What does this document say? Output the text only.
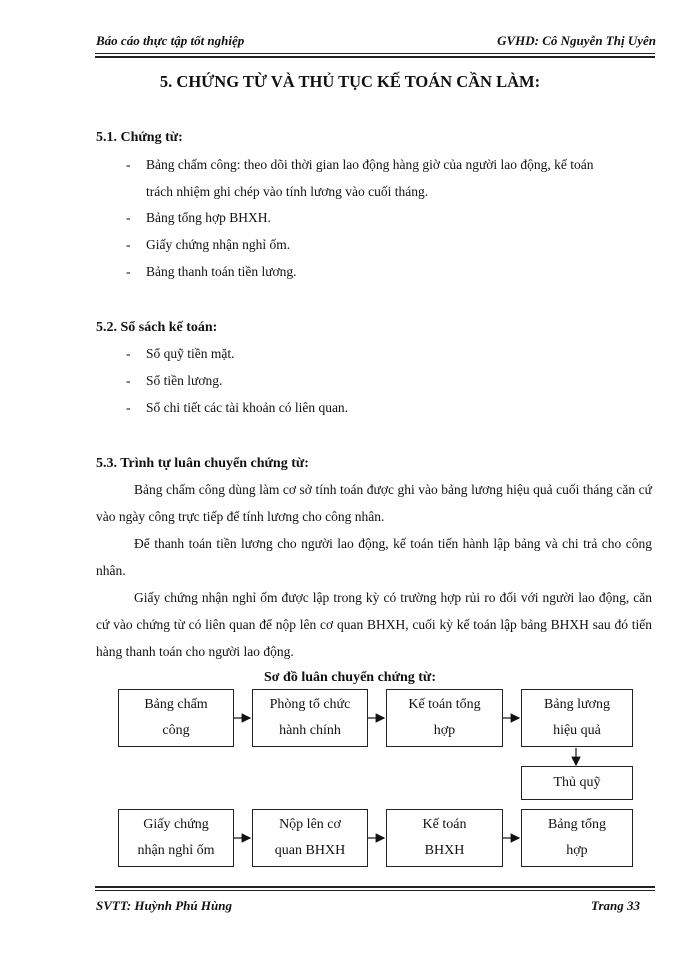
Báo cáo thực tập tốt nghiệp	GVHD: Cô Nguyễn Thị Uyên
5. CHỨNG TỪ VÀ THỦ TỤC KẾ TOÁN CẦN LÀM:
5.1. Chứng từ:
- Bảng chấm công: theo dõi thời gian lao động hàng giờ của người lao động, kế toán
trách nhiệm ghi chép vào tính lương vào cuối tháng.
- Bảng tổng hợp BHXH.
- Giấy chứng nhận nghỉ ốm.
- Bảng thanh toán tiền lương.
5.2. Sổ sách kế toán:
- Sổ quỹ tiền mặt.
- Sổ tiền lương.
- Sổ chi tiết các tài khoản có liên quan.
5.3. Trình tự luân chuyển chứng từ:
Bảng chấm công dùng làm cơ sở tính toán được ghi vào bảng lương hiệu quả cuối tháng căn cứ vào ngày công trực tiếp để tính lương cho công nhân.
Để thanh toán tiền lương cho người lao động, kế toán tiến hành lập bảng và chi trả cho công nhân.
Giấy chứng nhận nghỉ ốm được lập trong kỳ có trường hợp rủi ro đối với người lao động, căn cứ vào chứng từ có liên quan để nộp lên cơ quan BHXH, cuối kỳ kế toán lập bảng BHXH sau đó tiến hàng thanh toán cho người lao động.
Sơ đồ luân chuyển chứng từ:
Bảng chấm
công
Phòng tổ chức
hành chính
Kế toán tổng
hợp
Bảng lương
hiệu quả
Thủ quỹ
Giấy chứng
nhận nghỉ ốm
Nộp lên cơ
quan BHXH
Kế toán
BHXH
Bảng tổng
hợp
SVTT: Huỳnh Phú Hùng	Trang 33
